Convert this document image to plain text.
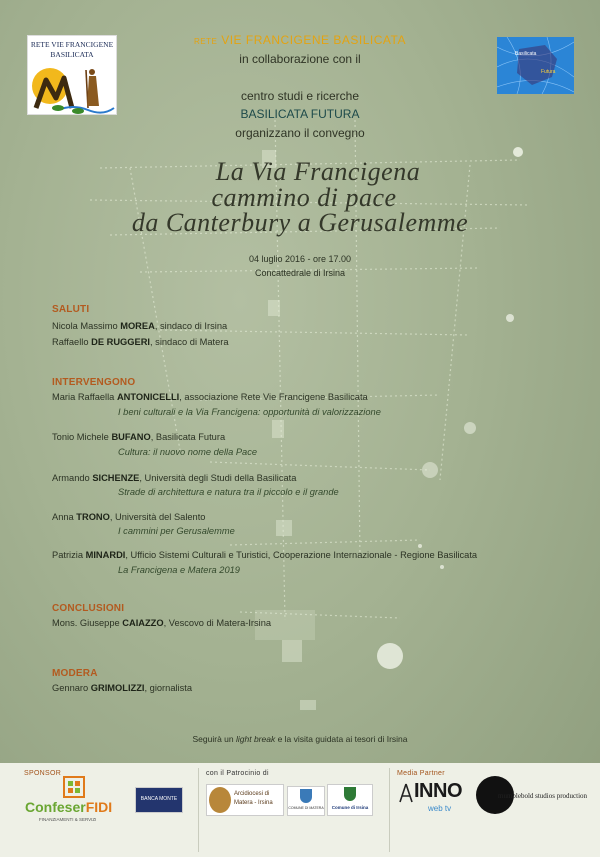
RETE VIE FRANCIGENE
BASILICATA	Basilicata
Futura
RETE VIE FRANCIGENE BASILICATA
in collaborazione con il
centro studi e ricerche
BASILICATA FUTURA
organizzano il convegno
La Via Francigena
cammino di pace
da Canterbury a Gerusalemme
04 luglio 2016 - ore 17.00
Concattedrale di Irsina
SALUTI
Nicola Massimo MOREA, sindaco di Irsina
Raffaello DE RUGGERI, sindaco di Matera
INTERVENGONO
Maria Raffaella ANTONICELLI, associazione Rete Vie Francigene Basilicata
I beni culturali e la Via Francigena: opportunità di valorizzazione
Tonio Michele BUFANO, Basilicata Futura
Cultura: il nuovo nome della Pace
Armando SICHENZE, Università degli Studi della Basilicata
Strade di architettura e natura tra il piccolo e il grande
Anna TRONO, Università del Salento
I cammini per Gerusalemme
Patrizia MINARDI, Ufficio Sistemi Culturali e Turistici, Cooperazione Internazionale - Regione Basilicata
La Francigena e Matera 2019
CONCLUSIONI
Mons. Giuseppe CAIAZZO, Vescovo di Matera-Irsina
MODERA
Gennaro GRIMOLIZZI, giornalista
Seguirà un light break e la visita guidata ai tesori di Irsina
SPONSOR	con il Patrocinio di	Media Partner
ConfeserFIDI
FINANZIAMENTI & SERVIZI
BANCA MONTE
Arcidiocesi di
Matera - Irsina
COMUNE DI MATERA	Comune di Irsina
INNO
web tv
mumblebold studios production
